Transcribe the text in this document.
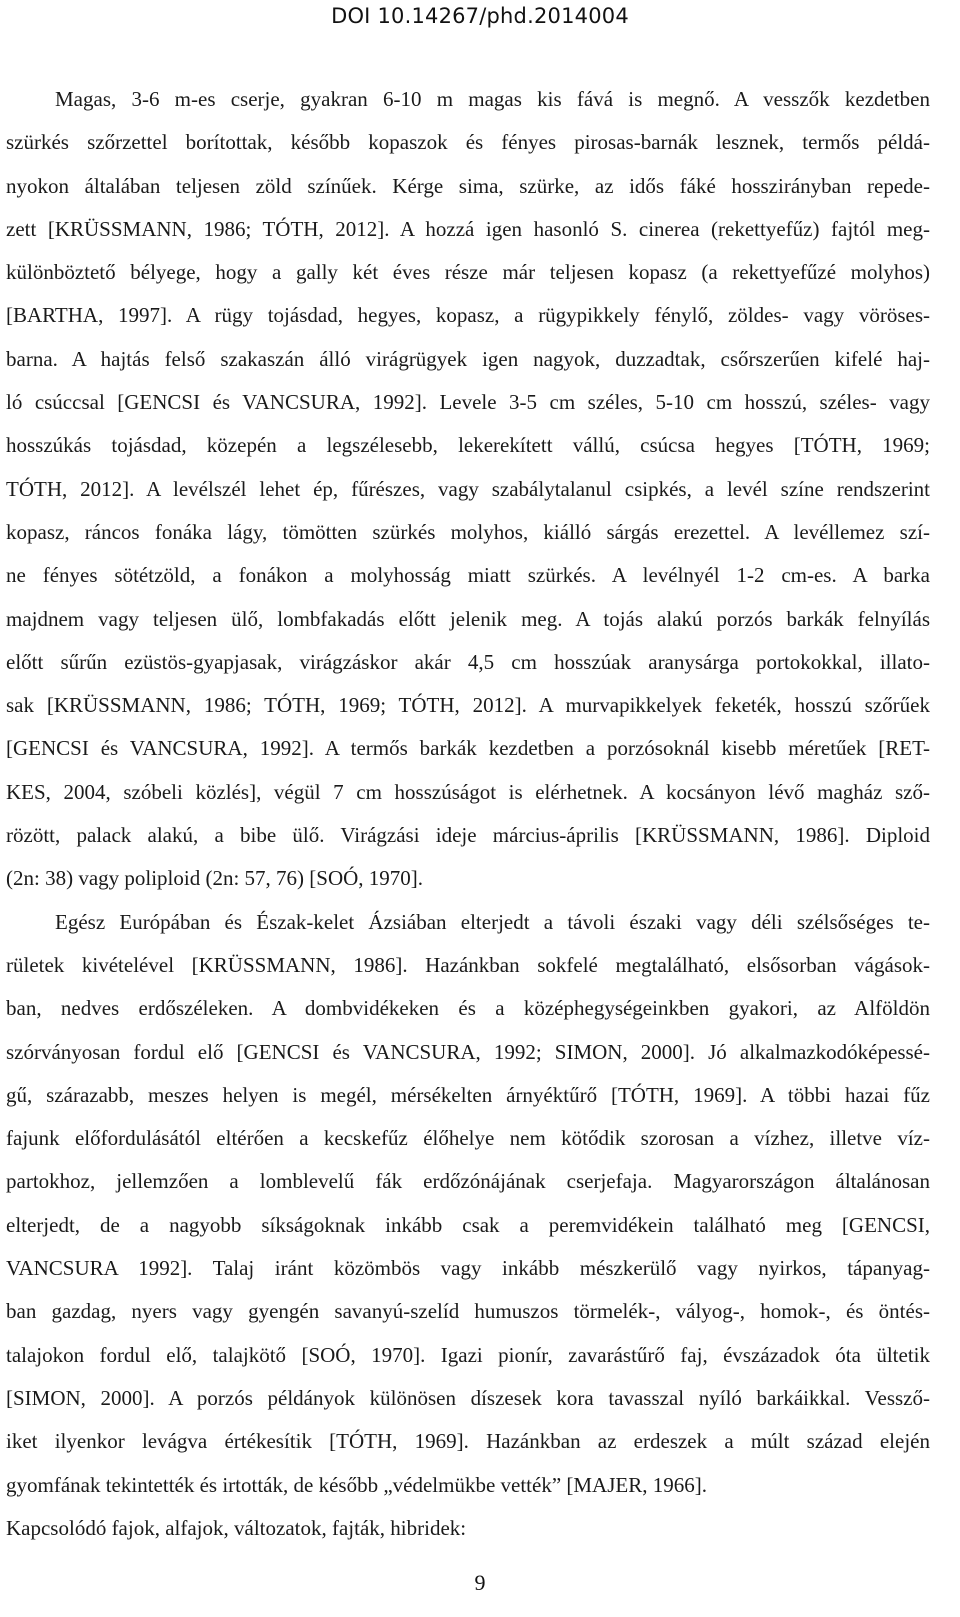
DOI 10.14267/phd.2014004
Magas, 3-6 m-es cserje, gyakran 6-10 m magas kis fává is megnő. A vesszők kezdetben
szürkés szőrzettel borítottak, később kopaszok és fényes pirosas-barnák lesznek, termős példá-
nyokon általában teljesen zöld színűek. Kérge sima, szürke, az idős fáké hosszirányban repede-
zett [KRÜSSMANN, 1986; TÓTH, 2012]. A hozzá igen hasonló S. cinerea (rekettyefűz) fajtól meg-
különböztető bélyege, hogy a gally két éves része már teljesen kopasz (a rekettyefűzé molyhos)
[BARTHA, 1997]. A rügy tojásdad, hegyes, kopasz, a rügypikkely fénylő, zöldes- vagy vöröses-
barna. A hajtás felső szakaszán álló virágrügyek igen nagyok, duzzadtak, csőrszerűen kifelé haj-
ló csúccsal [GENCSI és VANCSURA, 1992]. Levele 3-5 cm széles, 5-10 cm hosszú, széles- vagy
hosszúkás tojásdad, közepén a legszélesebb, lekerekített vállú, csúcsa hegyes [TÓTH, 1969;
TÓTH, 2012]. A levélszél lehet ép, fűrészes, vagy szabálytalanul csipkés, a levél színe rendszerint
kopasz, ráncos fonáka lágy, tömötten szürkés molyhos, kiálló sárgás erezettel. A levéllemez szí-
ne fényes sötétzöld, a fonákon a molyhosság miatt szürkés. A levélnyél 1-2 cm-es. A barka
majdnem vagy teljesen ülő, lombfakadás előtt jelenik meg. A tojás alakú porzós barkák felnyílás
előtt sűrűn ezüstös-gyapjasak, virágzáskor akár 4,5 cm hosszúak aranysárga portokokkal, illato-
sak [KRÜSSMANN, 1986; TÓTH, 1969; TÓTH, 2012]. A murvapikkelyek feketék, hosszú szőrűek
[GENCSI és VANCSURA, 1992]. A termős barkák kezdetben a porzósoknál kisebb méretűek [RET-
KES, 2004, szóbeli közlés], végül 7 cm hosszúságot is elérhetnek. A kocsányon lévő magház sző-
rözött, palack alakú, a bibe ülő. Virágzási ideje március-április [KRÜSSMANN, 1986]. Diploid
(2n: 38) vagy poliploid (2n: 57, 76) [SOÓ, 1970].
Egész Európában és Észak-kelet Ázsiában elterjedt a távoli északi vagy déli szélsőséges te-
rületek kivételével [KRÜSSMANN, 1986]. Hazánkban sokfelé megtalálható, elsősorban vágások-
ban, nedves erdőszéleken. A dombvidékeken és a középhegységeinkben gyakori, az Alföldön
szórványosan fordul elő [GENCSI és VANCSURA, 1992; SIMON, 2000]. Jó alkalmazkodóképessé-
gű, szárazabb, meszes helyen is megél, mérsékelten árnyéktűrő [TÓTH, 1969]. A többi hazai fűz
fajunk előfordulásától eltérően a kecskefűz élőhelye nem kötődik szorosan a vízhez, illetve víz-
partokhoz, jellemzően a lomblevelű fák erdőzónájának cserjefaja. Magyarországon általánosan
elterjedt, de a nagyobb síkságoknak inkább csak a peremvidékein található meg [GENCSI,
VANCSURA 1992]. Talaj iránt közömbös vagy inkább mészkerülő vagy nyirkos, tápanyag-
ban gazdag, nyers vagy gyengén savanyú-szelíd humuszos törmelék-, vályog-, homok-, és öntés-
talajokon fordul elő, talajkötő [SOÓ, 1970]. Igazi pionír, zavarástűrő faj, évszázadok óta ültetik
[SIMON, 2000]. A porzós példányok különösen díszesek kora tavasszal nyíló barkáikkal. Vessző-
iket ilyenkor levágva értékesítik [TÓTH, 1969]. Hazánkban az erdeszek a múlt század elején
gyomfának tekintették és irtották, de később „védelmükbe vették” [MAJER, 1966].
Kapcsolódó fajok, alfajok, változatok, fajták, hibridek:
9
